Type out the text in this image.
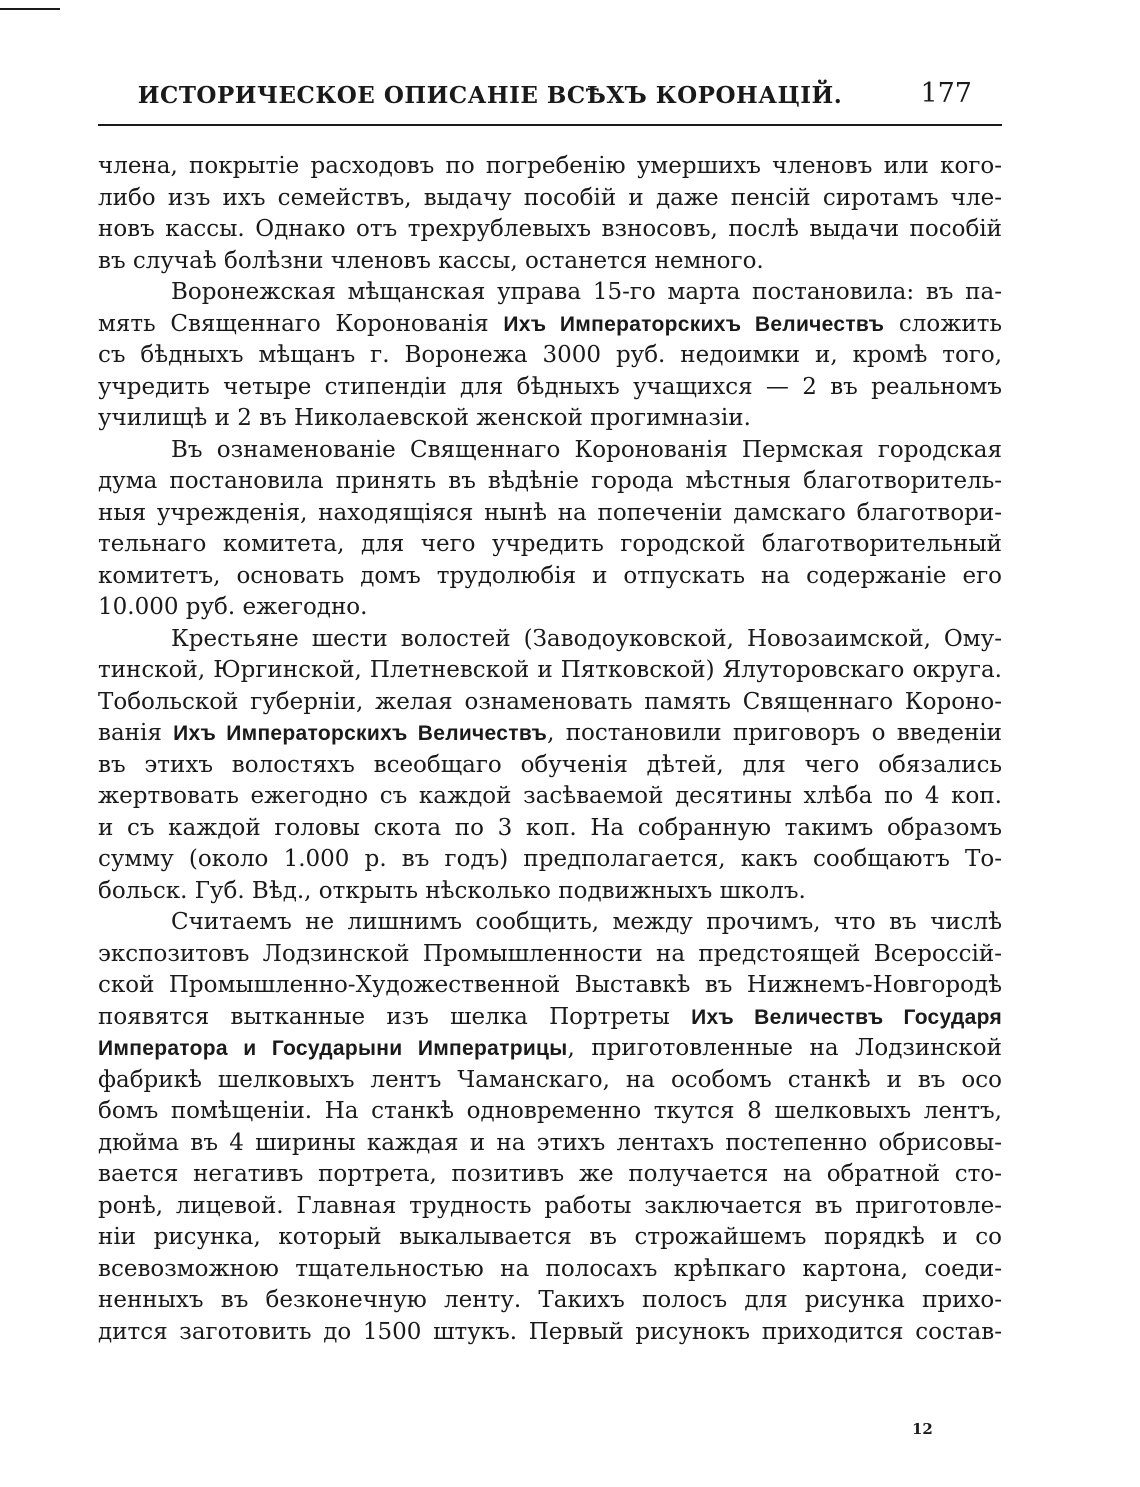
ИСТОРИЧЕСКОЕ ОПИСАНІЕ ВСѢХЪ КОРОНАЦІЙ.	177
члена, покрытіе расходовъ по погребенію умершихъ членовъ или кого-
либо изъ ихъ семействъ, выдачу пособій и даже пенсій сиротамъ чле-
новъ кассы. Однако отъ трехрублевыхъ взносовъ, послѣ выдачи пособій
въ случаѣ болѣзни членовъ кассы, останется немного.
Воронежская мѣщанская управа 15-го марта постановила: въ па-
мять Священнаго Коронованія Ихъ Императорскихъ Величествъ сложить
съ бѣдныхъ мѣщанъ г. Воронежа 3000 руб. недоимки и, кромѣ того,
учредить четыре стипендіи для бѣдныхъ учащихся — 2 въ реальномъ
училищѣ и 2 въ Николаевской женской прогимназіи.
Въ ознаменованіе Священнаго Коронованія Пермская городская
дума постановила принять въ вѣдѣніе города мѣстныя благотворитель-
ныя учрежденія, находящіяся нынѣ на попеченіи дамскаго благотвори-
тельнаго комитета, для чего учредить городской благотворительный
комитетъ, основать домъ трудолюбія и отпускать на содержаніе его
10.000 руб. ежегодно.
Крестьяне шести волостей (Заводоуковской, Новозаимской, Ому-
тинской, Юргинской, Плетневской и Пятковской) Ялуторовскаго округа.
Тобольской губерніи, желая ознаменовать память Священнаго Короно-
ванія Ихъ Императорскихъ Величествъ, постановили приговоръ о введеніи
въ этихъ волостяхъ всеобщаго обученія дѣтей, для чего обязались
жертвовать ежегодно съ каждой засѣваемой десятины хлѣба по 4 коп.
и съ каждой головы скота по 3 коп. На собранную такимъ образомъ
сумму (около 1.000 р. въ годъ) предполагается, какъ сообщаютъ То-
больск. Губ. Вѣд., открыть нѣсколько подвижныхъ школъ.
Считаемъ не лишнимъ сообщить, между прочимъ, что въ числѣ
экспозитовъ Лодзинской Промышленности на предстоящей Всероссій-
ской Промышленно-Художественной Выставкѣ въ Нижнемъ-Новгородѣ
появятся вытканные изъ шелка Портреты Ихъ Величествъ Государя
Императора и Государыни Императрицы, приготовленные на Лодзинской
фабрикѣ шелковыхъ лентъ Чаманскаго, на особомъ станкѣ и въ осо
бомъ помѣщеніи. На станкѣ одновременно ткутся 8 шелковыхъ лентъ,
дюйма въ 4 ширины каждая и на этихъ лентахъ постепенно обрисовы-
вается негативъ портрета, позитивъ же получается на обратной сто-
ронѣ, лицевой. Главная трудность работы заключается въ приготовле-
ніи рисунка, который выкалывается въ строжайшемъ порядкѣ и со
всевозможною тщательностью на полосахъ крѣпкаго картона, соеди-
ненныхъ въ безконечную ленту. Такихъ полосъ для рисунка прихо-
дится заготовить до 1500 штукъ. Первый рисунокъ приходится состав-
12
